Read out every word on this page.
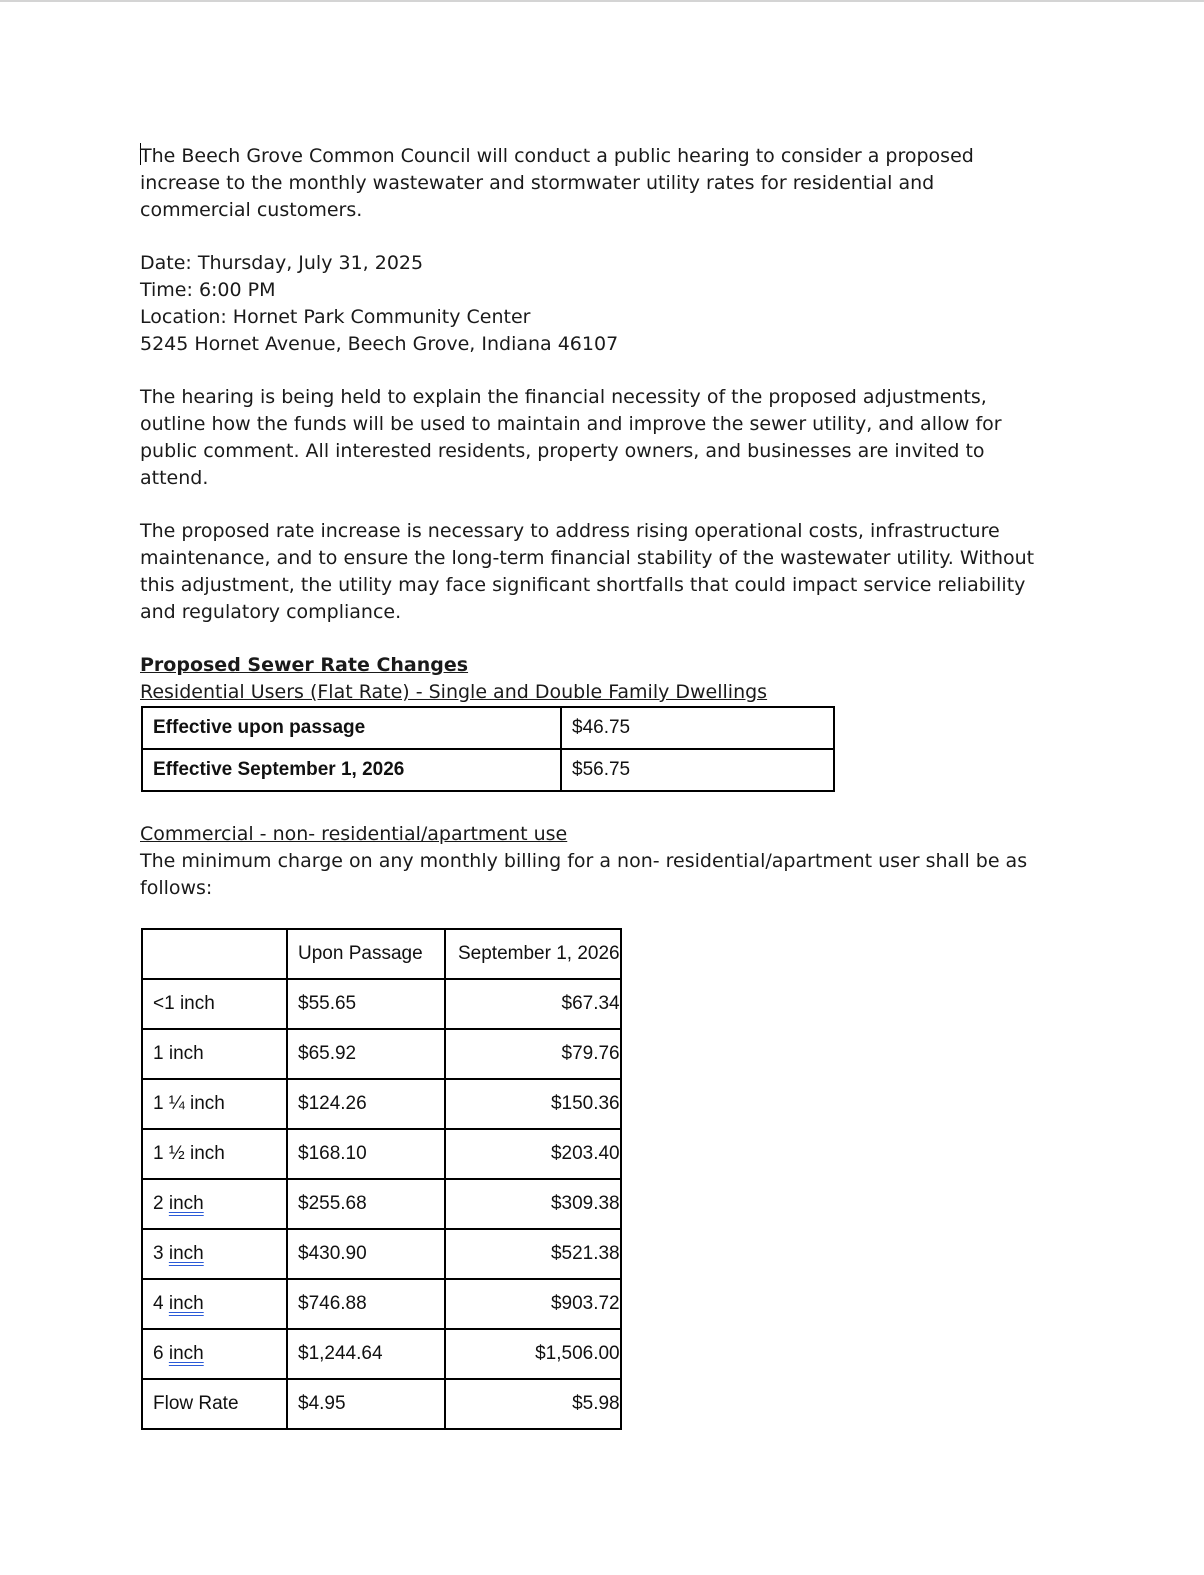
The Beech Grove Common Council will conduct a public hearing to consider a proposed increase to the monthly wastewater and stormwater utility rates for residential and commercial customers.

Date: Thursday, July 31, 2025

Time: 6:00 PM

Location: Hornet Park Community Center

5245 Hornet Avenue, Beech Grove, Indiana 46107

The hearing is being held to explain the financial necessity of the proposed adjustments, outline how the funds will be used to maintain and improve the sewer utility, and allow for public comment. All interested residents, property owners, and businesses are invited to attend.

The proposed rate increase is necessary to address rising operational costs, infrastructure maintenance, and to ensure the long-term financial stability of the wastewater utility. Without this adjustment, the utility may face significant shortfalls that could impact service reliability and regulatory compliance.

Proposed Sewer Rate Changes

Residential Users (Flat Rate) - Single and Double Family Dwellings

Effective upon passage	$46.75
Effective September 1, 2026	$56.75

Commercial - non- residential/apartment use

The minimum charge on any monthly billing for a non- residential/apartment user shall be as follows:

	Upon Passage	September 1, 2026
<1 inch	$55.65	$67.34
1 inch	$65.92	$79.76
1 ¼ inch	$124.26	$150.36
1 ½ inch	$168.10	$203.40
2 inch	$255.68	$309.38
3 inch	$430.90	$521.38
4 inch	$746.88	$903.72
6 inch	$1,244.64	$1,506.00
Flow Rate	$4.95	$5.98
